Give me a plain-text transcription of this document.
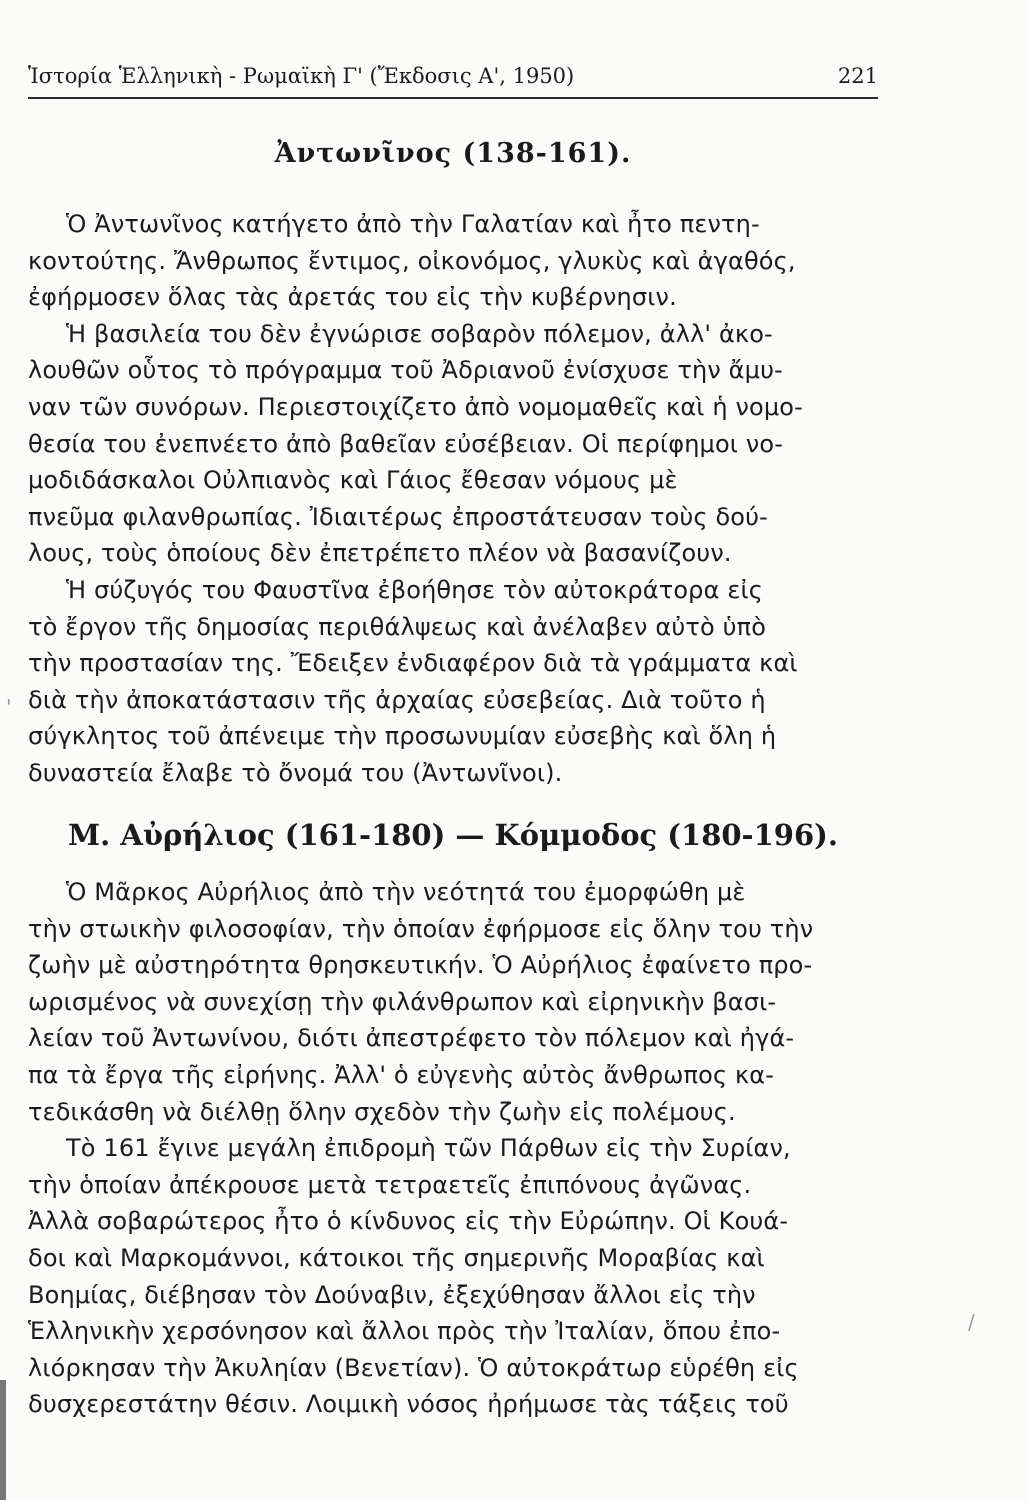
'
/
Ἱστορία Ἑλληνικὴ - Ρωμαϊκὴ Γ' (Ἔκδοσις Α', 1950)	221
Ἀντωνῖνος (138-161).
Ὁ Ἀντωνῖνος κατήγετο ἀπὸ τὴν Γαλατίαν καὶ ἦτο πεντη-
κοντούτης. Ἄνθρωπος ἔντιμος, οἰκονόμος, γλυκὺς καὶ ἀγαθός,
ἐφήρμοσεν ὅλας τὰς ἀρετάς του εἰς τὴν κυβέρνησιν.
Ἡ βασιλεία του δὲν ἐγνώρισε σοβαρὸν πόλεμον, ἀλλ' ἀκο-
λουθῶν οὗτος τὸ πρόγραμμα τοῦ Ἀδριανοῦ ἐνίσχυσε τὴν ἄμυ-
ναν τῶν συνόρων. Περιεστοιχίζετο ἀπὸ νομομαθεῖς καὶ ἡ νομο-
θεσία του ἐνεπνέετο ἀπὸ βαθεῖαν εὐσέβειαν. Οἱ περίφημοι νο-
μοδιδάσκαλοι Οὐλπιανὸς καὶ Γάιος ἔθεσαν νόμους μὲ
πνεῦμα φιλανθρωπίας. Ἰδιαιτέρως ἐπροστάτευσαν τοὺς δού-
λους, τοὺς ὁποίους δὲν ἐπετρέπετο πλέον νὰ βασανίζουν.
Ἡ σύζυγός του Φαυστῖνα ἐβοήθησε τὸν αὐτοκράτορα εἰς
τὸ ἔργον τῆς δημοσίας περιθάλψεως καὶ ἀνέλαβεν αὐτὸ ὑπὸ
τὴν προστασίαν της. Ἔδειξεν ἐνδιαφέρον διὰ τὰ γράμματα καὶ
διὰ τὴν ἀποκατάστασιν τῆς ἀρχαίας εὐσεβείας. Διὰ τοῦτο ἡ
σύγκλητος τοῦ ἀπένειμε τὴν προσωνυμίαν εὐσεβὴς καὶ ὅλη ἡ
δυναστεία ἔλαβε τὸ ὄνομά του (Ἀντωνῖνοι).
Μ. Αὐρήλιος (161-180) — Κόμμοδος (180-196).
Ὁ Μᾶρκος Αὐρήλιος ἀπὸ τὴν νεότητά του ἐμορφώθη μὲ
τὴν στωικὴν φιλοσοφίαν, τὴν ὁποίαν ἐφήρμοσε εἰς ὅλην του τὴν
ζωὴν μὲ αὐστηρότητα θρησκευτικήν. Ὁ Αὐρήλιος ἐφαίνετο προ-
ωρισμένος νὰ συνεχίσῃ τὴν φιλάνθρωπον καὶ εἰρηνικὴν βασι-
λείαν τοῦ Ἀντωνίνου, διότι ἀπεστρέφετο τὸν πόλεμον καὶ ἠγά-
πα τὰ ἔργα τῆς εἰρήνης. Ἀλλ' ὁ εὐγενὴς αὐτὸς ἄνθρωπος κα-
τεδικάσθη νὰ διέλθῃ ὅλην σχεδὸν τὴν ζωὴν εἰς πολέμους.
Τὸ 161 ἔγινε μεγάλη ἐπιδρομὴ τῶν Πάρθων εἰς τὴν Συρίαν,
τὴν ὁποίαν ἀπέκρουσε μετὰ τετραετεῖς ἐπιπόνους ἀγῶνας.
Ἀλλὰ σοβαρώτερος ἦτο ὁ κίνδυνος εἰς τὴν Εὐρώπην. Οἱ Κουά-
δοι καὶ Μαρκομάννοι, κάτοικοι τῆς σημερινῆς Μοραβίας καὶ
Βοημίας, διέβησαν τὸν Δούναβιν, ἐξεχύθησαν ἄλλοι εἰς τὴν
Ἑλληνικὴν χερσόνησον καὶ ἄλλοι πρὸς τὴν Ἰταλίαν, ὅπου ἐπο-
λιόρκησαν τὴν Ἀκυληίαν (Βενετίαν). Ὁ αὐτοκράτωρ εὑρέθη εἰς
δυσχερεστάτην θέσιν. Λοιμικὴ νόσος ἠρήμωσε τὰς τάξεις τοῦ
